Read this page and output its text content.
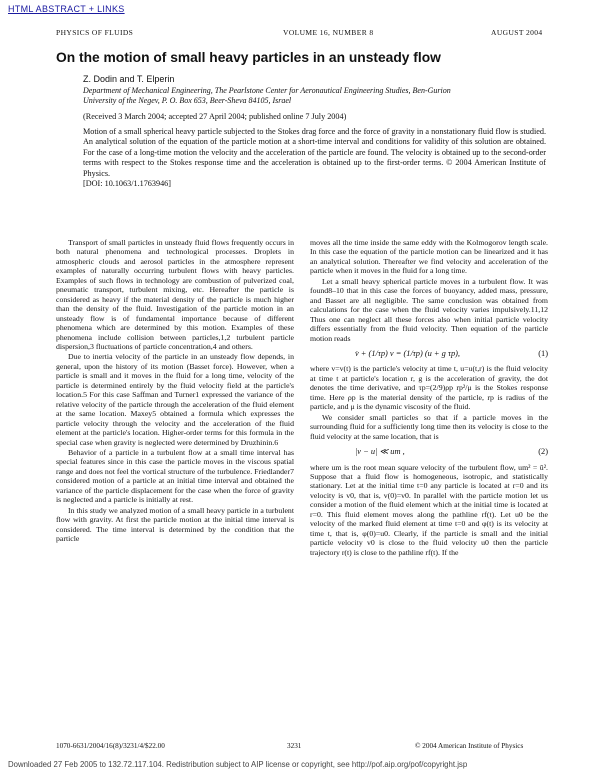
HTML ABSTRACT + LINKS
PHYSICS OF FLUIDS	VOLUME 16, NUMBER 8	AUGUST 2004
On the motion of small heavy particles in an unsteady flow
Z. Dodin and T. Elperin
Department of Mechanical Engineering, The Pearlstone Center for Aeronautical Engineering Studies, Ben-Gurion University of the Negev, P. O. Box 653, Beer-Sheva 84105, Israel
(Received 3 March 2004; accepted 27 April 2004; published online 7 July 2004)
Motion of a small spherical heavy particle subjected to the Stokes drag force and the force of gravity in a nonstationary fluid flow is studied. An analytical solution of the equation of the particle motion at a short-time interval and conditions for validity of this solution are obtained. For the case of a long-time motion the velocity and the acceleration of the particle are found. The velocity is obtained up to the second-order terms with respect to the Stokes response time and the acceleration is obtained up to the first-order terms. © 2004 American Institute of Physics.
[DOI: 10.1063/1.1763946]

Transport of small particles in unsteady fluid flows frequently occurs in both natural phenomena and technological processes. Droplets in atmospheric clouds and aerosol particles in the atmosphere represent examples of naturally occurring turbulent flows with heavy particles. Examples of such flows in technology are combustion of pulverized coal, pneumatic transport, turbulent mixing, etc. Hereafter the particle is considered as heavy if the material density of the particle is much higher than the density of the fluid. Investigation of the particle motion in an unsteady flow is of fundamental importance because of different phenomena which are determined by this motion. Examples of these phenomena include collision between particles,1,2 turbulent particle dispersion,3 fluctuations of particle concentration,4 and others.

Due to inertia velocity of the particle in an unsteady flow depends, in general, upon the history of its motion (Basset force). However, when a particle is small and it moves in the fluid for a long time, velocity of the particle is determined entirely by the fluid velocity field at the particle's location.5 For this case Saffman and Turner1 expressed the variance of the relative velocity of the particle through the acceleration of the fluid element at the same location. Maxey5 obtained a formula which expresses the particle velocity through the velocity and the acceleration of the fluid element at the particle's location. Higher-order terms for this formula in the special case when gravity is neglected were determined by Druzhinin.6

Behavior of a particle in a turbulent flow at a small time interval has special features since in this case the particle moves in the viscous spatial range and does not feel the vortical structure of the turbulence. Friedlander7 considered motion of a particle at an initial time interval and obtained the variance of the particle displacement for the case when the force of gravity is neglected and a particle is initially at rest.

In this study we analyzed motion of a small heavy particle in a turbulent flow with gravity. At first the particle motion at the initial time interval is considered. The time interval is determined by the condition that the particle

moves all the time inside the same eddy with the Kolmogorov length scale. In this case the equation of the particle motion can be linearized and it has an analytical solution. Thereafter we find velocity and acceleration of the particle when it moves in the fluid for a long time.

Let a small heavy spherical particle moves in a turbulent flow. It was found8–10 that in this case the forces of buoyancy, added mass, pressure, and Basset are all negligible. The same conclusion was obtained from calculations for the case when the fluid velocity varies impulsively.11,12 Thus one can neglect all these forces also when initial particle velocity differs essentially from the fluid velocity. Then equation of the particle motion reads

v̇ + (1/τp) v = (1/τp) (u + g τp),	(1)

where v=v(t) is the particle's velocity at time t, u=u(t,r) is the fluid velocity at time t at particle's location r, g is the acceleration of gravity, the dot denotes the time derivative, and τp=(2/9)ρp rp²/μ is the Stokes response time. Here ρp is the material density of the particle, rp is radius of the particle, and μ is the dynamic viscosity of the fluid.

We consider small particles so that if a particle moves in the surrounding fluid for a sufficiently long time then its velocity is close to the fluid velocity at the same location, that is

|v − u| ≪ um ,	(2)

where um is the root mean square velocity of the turbulent flow, um² = ū². Suppose that a fluid flow is homogeneous, isotropic, and statistically stationary. Let at the initial time t=0 any particle is located at r=0 and its velocity is v0, that is, v(0)=v0. In parallel with the particle motion let us consider a motion of the fluid element which at the initial time is located at r=0. This fluid element moves along the pathline rf(t). Let u0 be the velocity of the marked fluid element at time t=0 and φ(t) is its velocity at time t, that is, φ(0)=u0. Clearly, if the particle is small and the initial particle velocity v0 is close to the fluid velocity u0 then the particle trajectory r(t) is close to the pathline rf(t). If the

1070-6631/2004/16(8)/3231/4/$22.00	3231	© 2004 American Institute of Physics
Downloaded 27 Feb 2005 to 132.72.117.104. Redistribution subject to AIP license or copyright, see http://pof.aip.org/pof/copyright.jsp
